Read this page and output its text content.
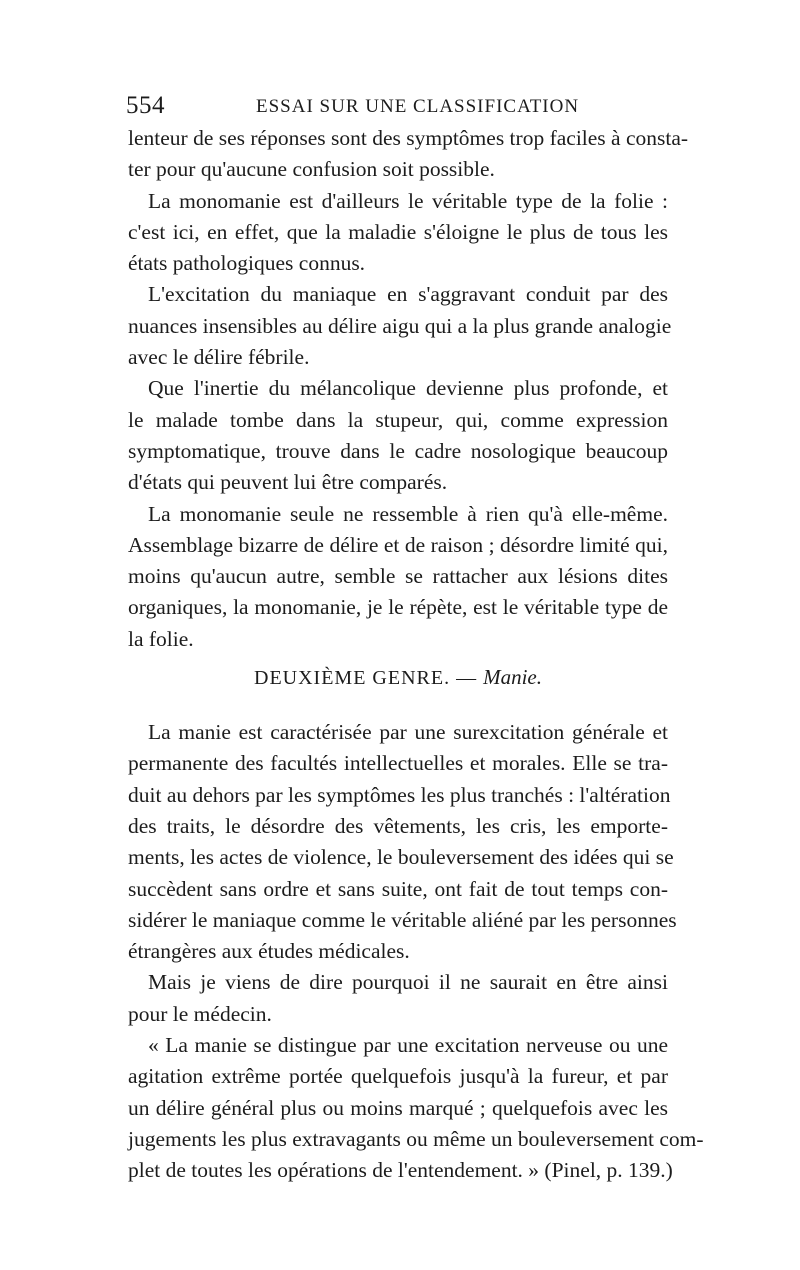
554	ESSAI SUR UNE CLASSIFICATION
lenteur de ses réponses sont des symptômes trop faciles à consta-
ter pour qu'aucune confusion soit possible.
La monomanie est d'ailleurs le véritable type de la folie :
c'est ici, en effet, que la maladie s'éloigne le plus de tous les
états pathologiques connus.
L'excitation du maniaque en s'aggravant conduit par des
nuances insensibles au délire aigu qui a la plus grande analogie
avec le délire fébrile.
Que l'inertie du mélancolique devienne plus profonde, et
le malade tombe dans la stupeur, qui, comme expression
symptomatique, trouve dans le cadre nosologique beaucoup
d'états qui peuvent lui être comparés.
La monomanie seule ne ressemble à rien qu'à elle-même.
Assemblage bizarre de délire et de raison ; désordre limité qui,
moins qu'aucun autre, semble se rattacher aux lésions dites
organiques, la monomanie, je le répète, est le véritable type de
la folie.
DEUXIÈME GENRE. — Manie.
La manie est caractérisée par une surexcitation générale et
permanente des facultés intellectuelles et morales. Elle se tra-
duit au dehors par les symptômes les plus tranchés : l'altération
des traits, le désordre des vêtements, les cris, les emporte-
ments, les actes de violence, le bouleversement des idées qui se
succèdent sans ordre et sans suite, ont fait de tout temps con-
sidérer le maniaque comme le véritable aliéné par les personnes
étrangères aux études médicales.
Mais je viens de dire pourquoi il ne saurait en être ainsi
pour le médecin.
« La manie se distingue par une excitation nerveuse ou une
agitation extrême portée quelquefois jusqu'à la fureur, et par
un délire général plus ou moins marqué ; quelquefois avec les
jugements les plus extravagants ou même un bouleversement com-
plet de toutes les opérations de l'entendement. » (Pinel, p. 139.)
